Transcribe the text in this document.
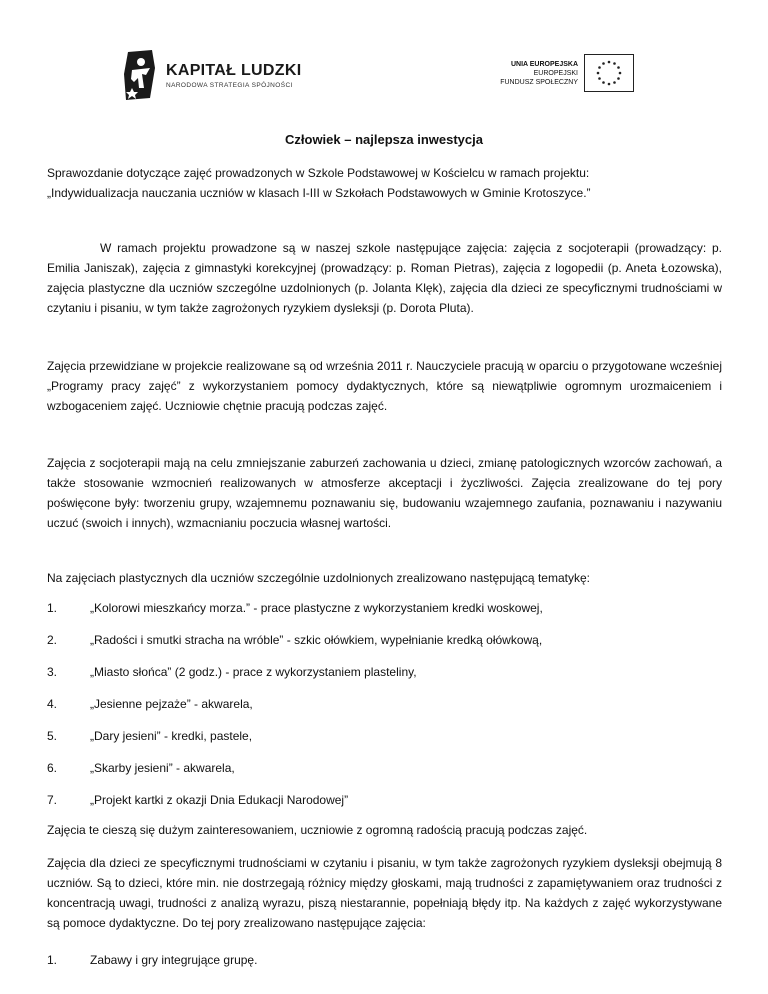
KAPITAŁ LUDZKI
NARODOWA STRATEGIA SPÓJNOŚCI
UNIA EUROPEJSKA
EUROPEJSKI
FUNDUSZ SPOŁECZNY
Człowiek – najlepsza inwestycja
Sprawozdanie dotyczące zajęć prowadzonych w Szkole Podstawowej w Kościelcu w ramach projektu:
„Indywidualizacja nauczania uczniów w klasach I-III w Szkołach Podstawowych w Gminie Krotoszyce.”

W ramach projektu prowadzone są w naszej szkole następujące zajęcia: zajęcia z socjoterapii (prowadzący: p. Emilia Janiszak), zajęcia z gimnastyki korekcyjnej (prowadzący: p. Roman Pietras), zajęcia z logopedii (p. Aneta Łozowska), zajęcia plastyczne dla uczniów szczególne uzdolnionych (p. Jolanta Klęk), zajęcia dla dzieci ze specyficznymi trudnościami w czytaniu i pisaniu, w tym także zagrożonych ryzykiem dysleksji (p. Dorota Pluta).

Zajęcia przewidziane w projekcie realizowane są od września 2011 r. Nauczyciele pracują w oparciu o przygotowane wcześniej „Programy pracy zajęć” z wykorzystaniem pomocy dydaktycznych, które są niewątpliwie ogromnym urozmaiceniem i wzbogaceniem zajęć. Uczniowie chętnie pracują podczas zajęć.

Zajęcia z socjoterapii mają na celu zmniejszanie zaburzeń zachowania u dzieci, zmianę patologicznych wzorców zachowań, a także stosowanie wzmocnień realizowanych w atmosferze akceptacji i życzliwości. Zajęcia zrealizowane do tej pory poświęcone były: tworzeniu grupy, wzajemnemu poznawaniu się, budowaniu wzajemnego zaufania, poznawaniu i nazywaniu uczuć (swoich i innych), wzmacnianiu poczucia własnej wartości.

Na zajęciach plastycznych dla uczniów szczególnie uzdolnionych zrealizowano następującą tematykę:

1.	„Kolorowi mieszkańcy morza.” - prace plastyczne z wykorzystaniem kredki woskowej,
2.	„Radości i smutki stracha na wróble” - szkic ołówkiem, wypełnianie kredką ołówkową,
3.	„Miasto słońca” (2 godz.) - prace z wykorzystaniem plasteliny,
4.	„Jesienne pejzaże” - akwarela,
5.	„Dary jesieni” - kredki, pastele,
6.	„Skarby jesieni” - akwarela,
7.	„Projekt kartki z okazji Dnia Edukacji Narodowej”

Zajęcia te cieszą się dużym zainteresowaniem, uczniowie z ogromną radością pracują podczas zajęć.

Zajęcia dla dzieci ze specyficznymi trudnościami w czytaniu i pisaniu, w tym także zagrożonych ryzykiem dysleksji obejmują 8 uczniów. Są to dzieci, które min. nie dostrzegają różnicy między głoskami, mają trudności z zapamiętywaniem oraz trudności z koncentracją uwagi, trudności z analizą wyrazu, piszą niestarannie, popełniają błędy itp. Na każdych z zajęć wykorzystywane są pomoce dydaktyczne. Do tej pory zrealizowano następujące zajęcia:

1.	Zabawy i gry integrujące grupę.
